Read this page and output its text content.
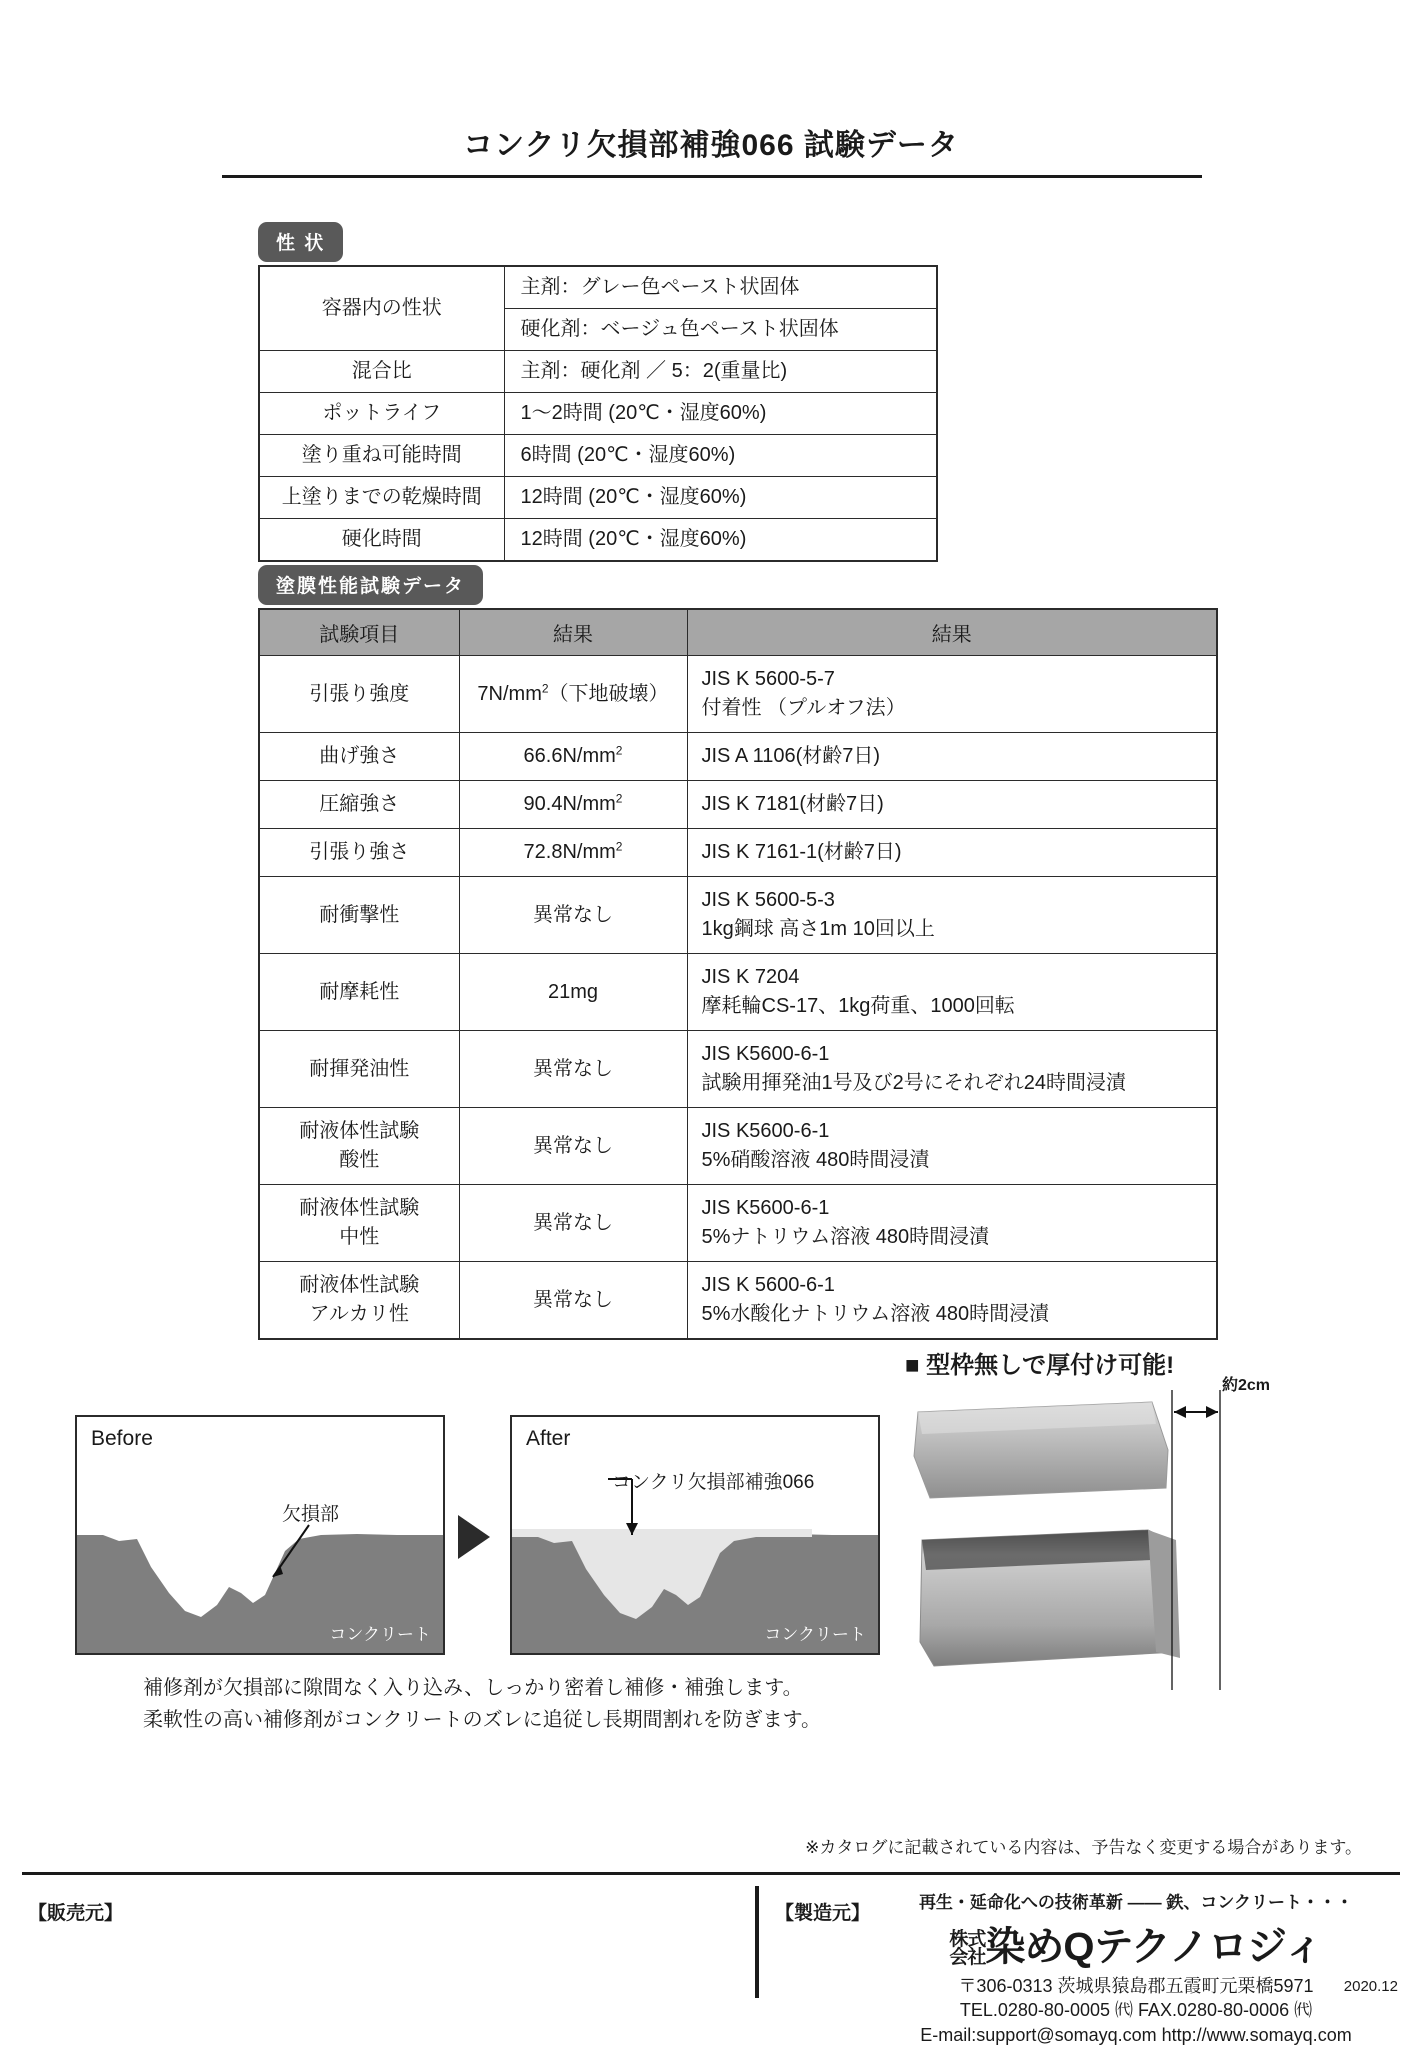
コンクリ欠損部補強066 試験データ
性 状
容器内の性状	主剤：グレー色ペースト状固体
	硬化剤：ベージュ色ペースト状固体
混合比	主剤：硬化剤 ／ 5：2(重量比)
ポットライフ	1〜2時間 (20℃・湿度60%)
塗り重ね可能時間	6時間 (20℃・湿度60%)
上塗りまでの乾燥時間	12時間 (20℃・湿度60%)
硬化時間	12時間 (20℃・湿度60%)
塗膜性能試験データ
試験項目	結果	結果
引張り強度	$7N/mm^2$（下地破壊）	JIS K 5600-5-7
付着性 （プルオフ法）
曲げ強さ	$66.6N/mm^2$	JIS A 1106(材齢7日)
圧縮強さ	$90.4N/mm^2$	JIS K 7181(材齢7日)
引張り強さ	$72.8N/mm^2$	JIS K 7161-1(材齢7日)
耐衝撃性	異常なし	JIS K 5600-5-3
1kg鋼球 高さ1m 10回以上
耐摩耗性	21mg	JIS K 7204
摩耗輪CS-17、1kg荷重、1000回転
耐揮発油性	異常なし	JIS K5600-6-1
試験用揮発油1号及び2号にそれぞれ24時間浸漬
耐液体性試験
酸性	異常なし	JIS K5600-6-1
5%硝酸溶液 480時間浸漬
耐液体性試験
中性	異常なし	JIS K5600-6-1
5%ナトリウム溶液 480時間浸漬
耐液体性試験
アルカリ性	異常なし	JIS K 5600-6-1
5%水酸化ナトリウム溶液 480時間浸漬
Before
欠損部
コンクリート
After
コンクリ欠損部補強066
コンクリート
補修剤が欠損部に隙間なく入り込み、しっかり密着し補修・補強します。
柔軟性の高い補修剤がコンクリートのズレに追従し長期間割れを防ぎます。
■ 型枠無しで厚付け可能!
約2cm
※カタログに記載されている内容は、予告なく変更する場合があります。
【販売元】	【製造元】
再生・延命化への技術革新 —— 鉄、コンクリート・・・
株式
会社染めQテクノロジィ
〒306-0313 茨城県猿島郡五霞町元栗橋5971
TEL.0280-80-0005 ㈹ FAX.0280-80-0006 ㈹
E-mail:support@somayq.com http://www.somayq.com
2020.12
